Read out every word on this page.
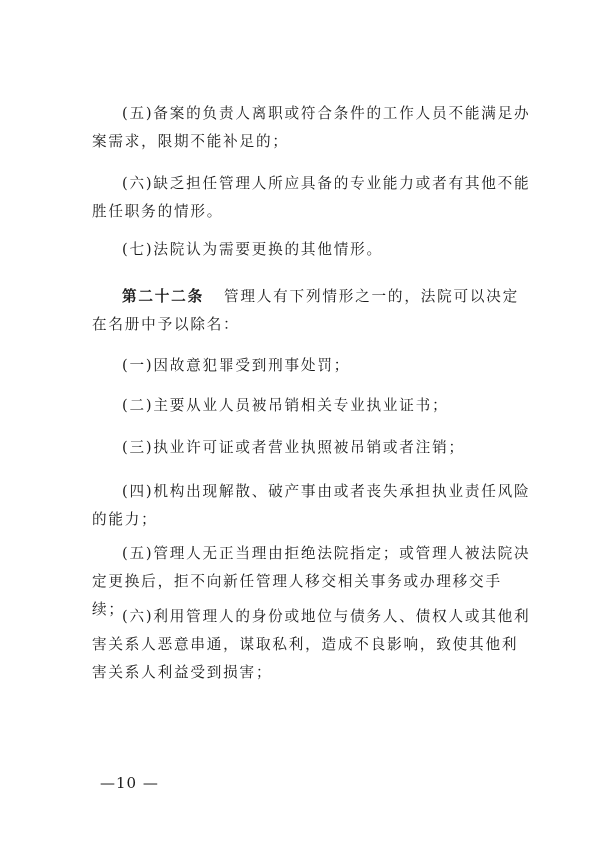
(五)备案的负责人离职或符合条件的工作人员不能满足办案需求，限期不能补足的；

(六)缺乏担任管理人所应具备的专业能力或者有其他不能胜任职务的情形。

(七)法院认为需要更换的其他情形。

第二十二条 管理人有下列情形之一的，法院可以决定在名册中予以除名：

(一)因故意犯罪受到刑事处罚；

(二)主要从业人员被吊销相关专业执业证书；

(三)执业许可证或者营业执照被吊销或者注销；

(四)机构出现解散、破产事由或者丧失承担执业责任风险的能力；

(五)管理人无正当理由拒绝法院指定；或管理人被法院决定更换后，拒不向新任管理人移交相关事务或办理移交手续；

(六)利用管理人的身份或地位与债务人、债权人或其他利害关系人恶意串通，谋取私利，造成不良影响，致使其他利害关系人利益受到损害；

—10 —
